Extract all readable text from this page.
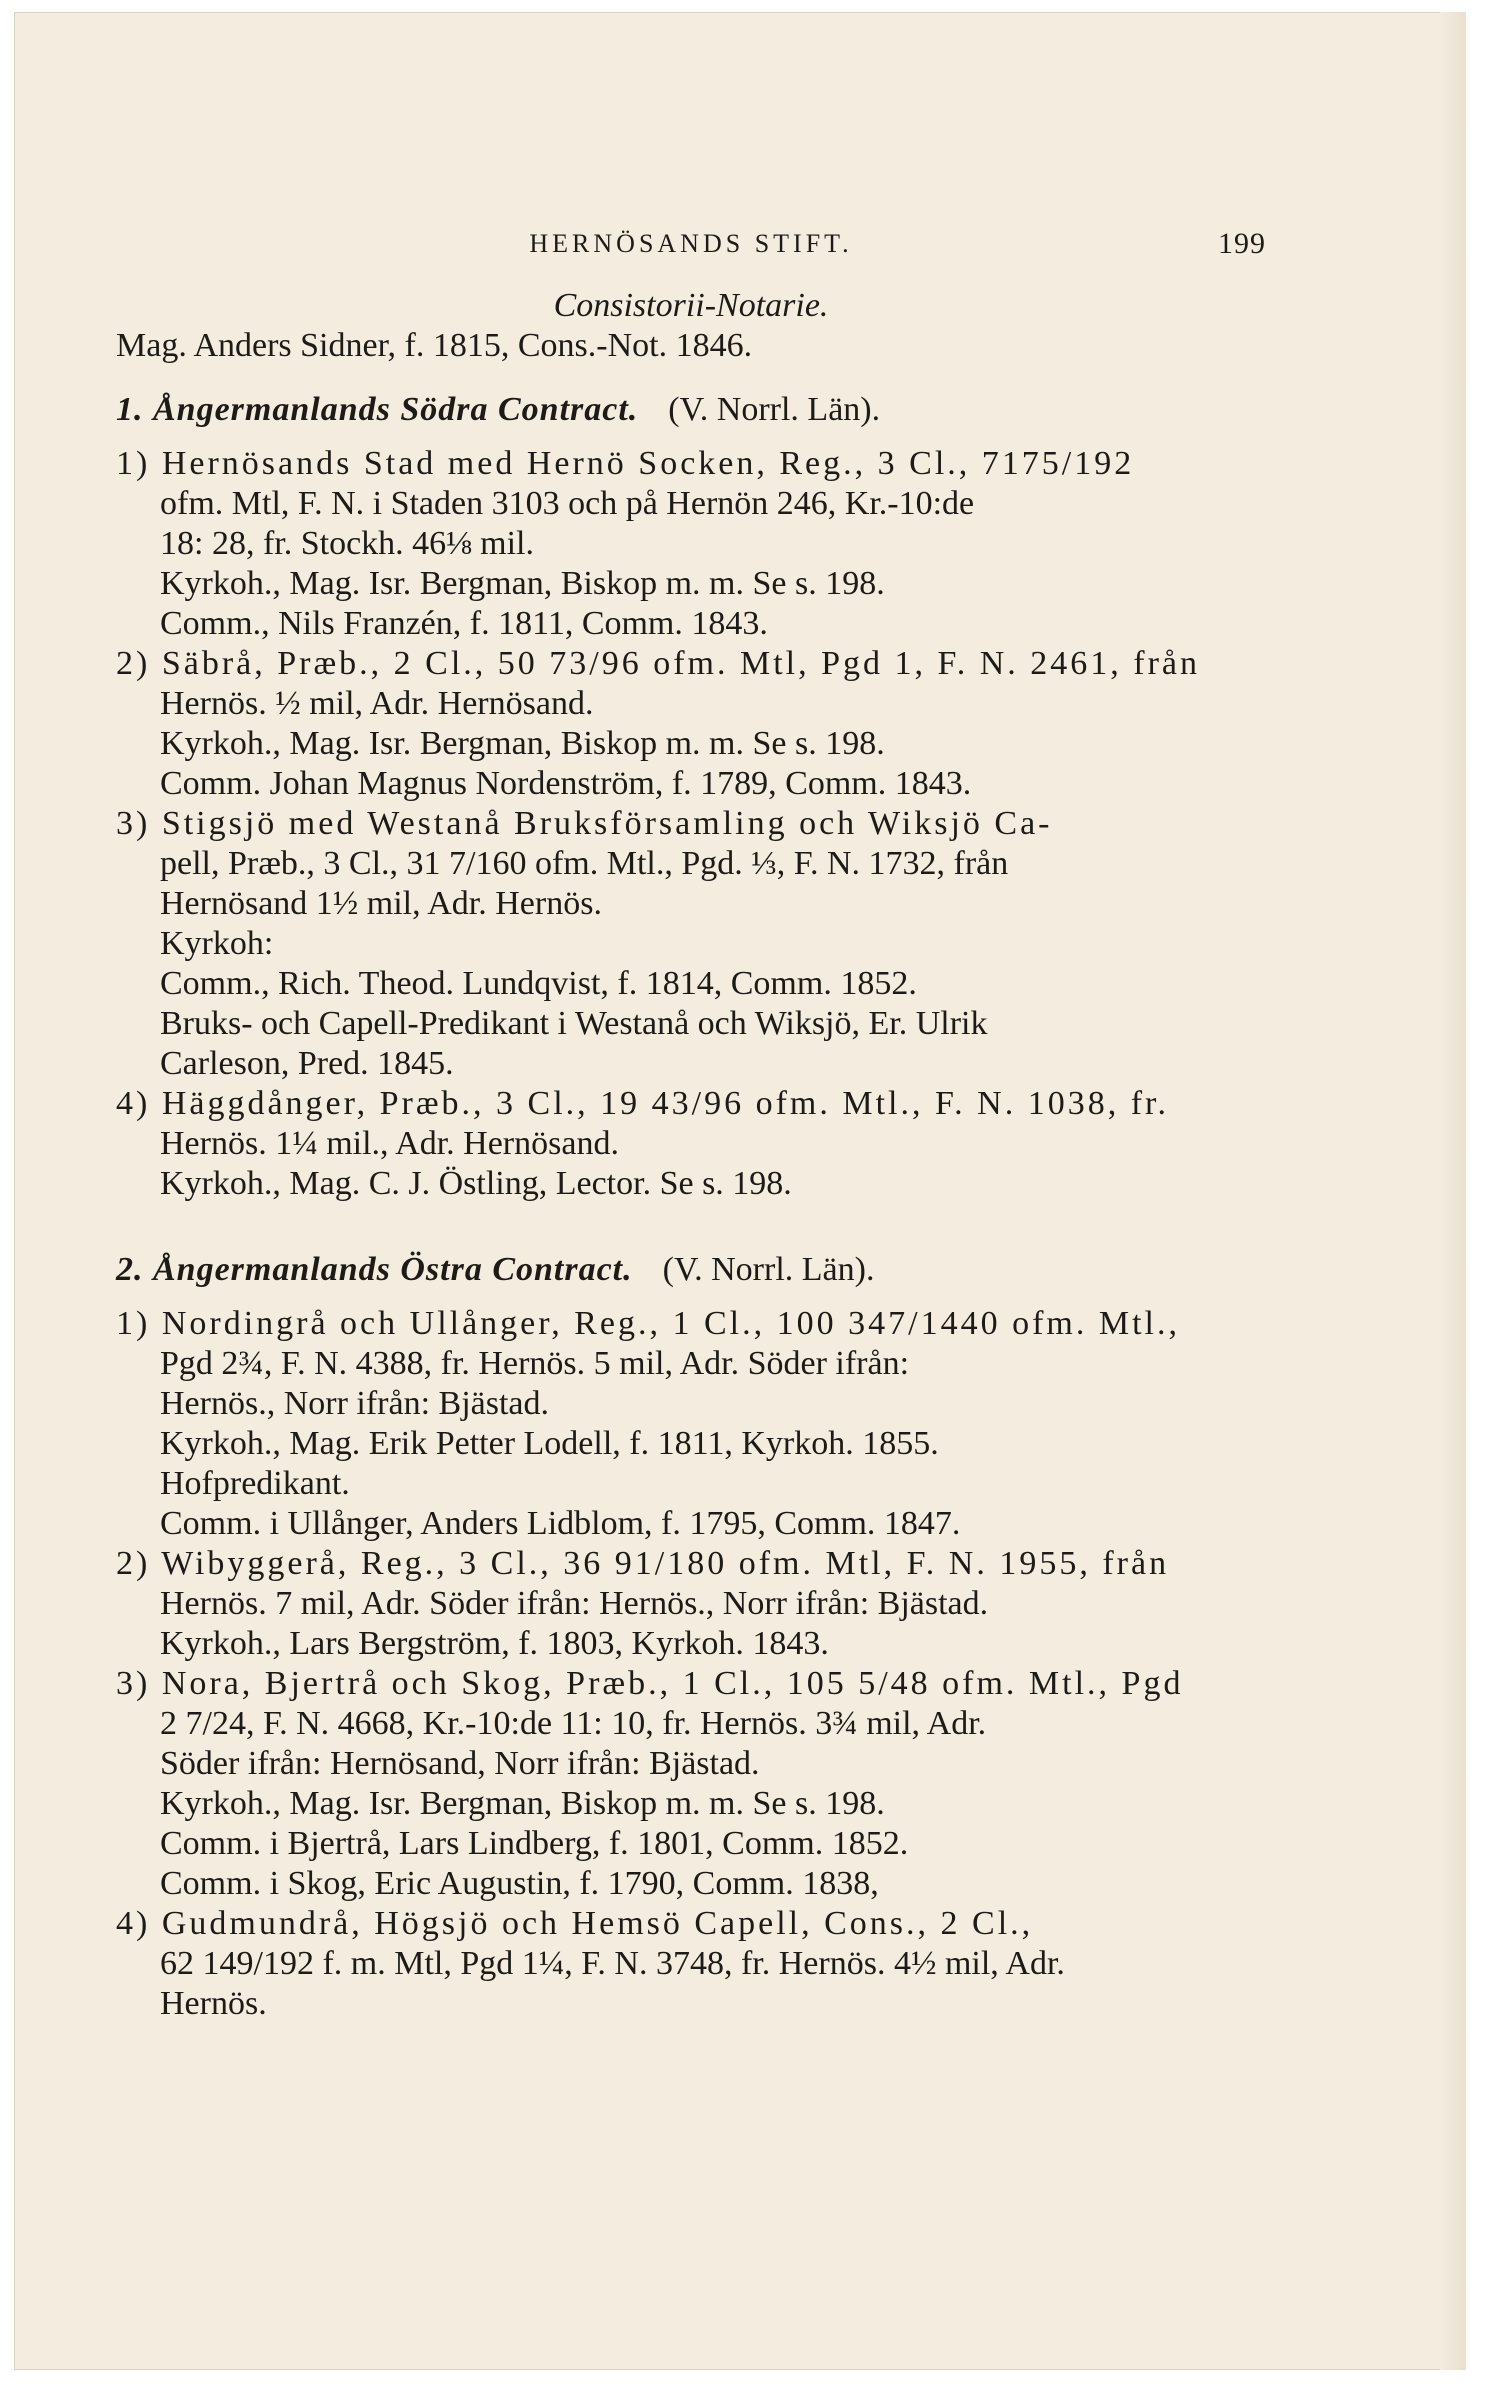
HERNÖSANDS STIFT.	199
Consistorii-Notarie.
Mag. Anders Sidner, f. 1815, Cons.-Not. 1846.
1. Ångermanlands Södra Contract. (V. Norrl. Län).
1) Hernösands Stad med Hernö Socken, Reg., 3 Cl., 7175/192
ofm. Mtl, F. N. i Staden 3103 och på Hernön 246, Kr.-10:de
18: 28, fr. Stockh. 46⅛ mil.
Kyrkoh., Mag. Isr. Bergman, Biskop m. m. Se s. 198.
Comm., Nils Franzén, f. 1811, Comm. 1843.
2) Säbrå, Præb., 2 Cl., 50 73/96 ofm. Mtl, Pgd 1, F. N. 2461, från
Hernös. ½ mil, Adr. Hernösand.
Kyrkoh., Mag. Isr. Bergman, Biskop m. m. Se s. 198.
Comm. Johan Magnus Nordenström, f. 1789, Comm. 1843.
3) Stigsjö med Westanå Bruksförsamling och Wiksjö Ca-
pell, Præb., 3 Cl., 31 7/160 ofm. Mtl., Pgd. ⅓, F. N. 1732, från
Hernösand 1½ mil, Adr. Hernös.
Kyrkoh:
Comm., Rich. Theod. Lundqvist, f. 1814, Comm. 1852.
Bruks- och Capell-Predikant i Westanå och Wiksjö, Er. Ulrik
Carleson, Pred. 1845.
4) Häggdånger, Præb., 3 Cl., 19 43/96 ofm. Mtl., F. N. 1038, fr.
Hernös. 1¼ mil., Adr. Hernösand.
Kyrkoh., Mag. C. J. Östling, Lector. Se s. 198.
2. Ångermanlands Östra Contract. (V. Norrl. Län).
1) Nordingrå och Ullånger, Reg., 1 Cl., 100 347/1440 ofm. Mtl.,
Pgd 2¾, F. N. 4388, fr. Hernös. 5 mil, Adr. Söder ifrån:
Hernös., Norr ifrån: Bjästad.
Kyrkoh., Mag. Erik Petter Lodell, f. 1811, Kyrkoh. 1855.
Hofpredikant.
Comm. i Ullånger, Anders Lidblom, f. 1795, Comm. 1847.
2) Wibyggerå, Reg., 3 Cl., 36 91/180 ofm. Mtl, F. N. 1955, från
Hernös. 7 mil, Adr. Söder ifrån: Hernös., Norr ifrån: Bjästad.
Kyrkoh., Lars Bergström, f. 1803, Kyrkoh. 1843.
3) Nora, Bjertrå och Skog, Præb., 1 Cl., 105 5/48 ofm. Mtl., Pgd
2 7/24, F. N. 4668, Kr.-10:de 11: 10, fr. Hernös. 3¾ mil, Adr.
Söder ifrån: Hernösand, Norr ifrån: Bjästad.
Kyrkoh., Mag. Isr. Bergman, Biskop m. m. Se s. 198.
Comm. i Bjertrå, Lars Lindberg, f. 1801, Comm. 1852.
Comm. i Skog, Eric Augustin, f. 1790, Comm. 1838,
4) Gudmundrå, Högsjö och Hemsö Capell, Cons., 2 Cl.,
62 149/192 f. m. Mtl, Pgd 1¼, F. N. 3748, fr. Hernös. 4½ mil, Adr.
Hernös.
